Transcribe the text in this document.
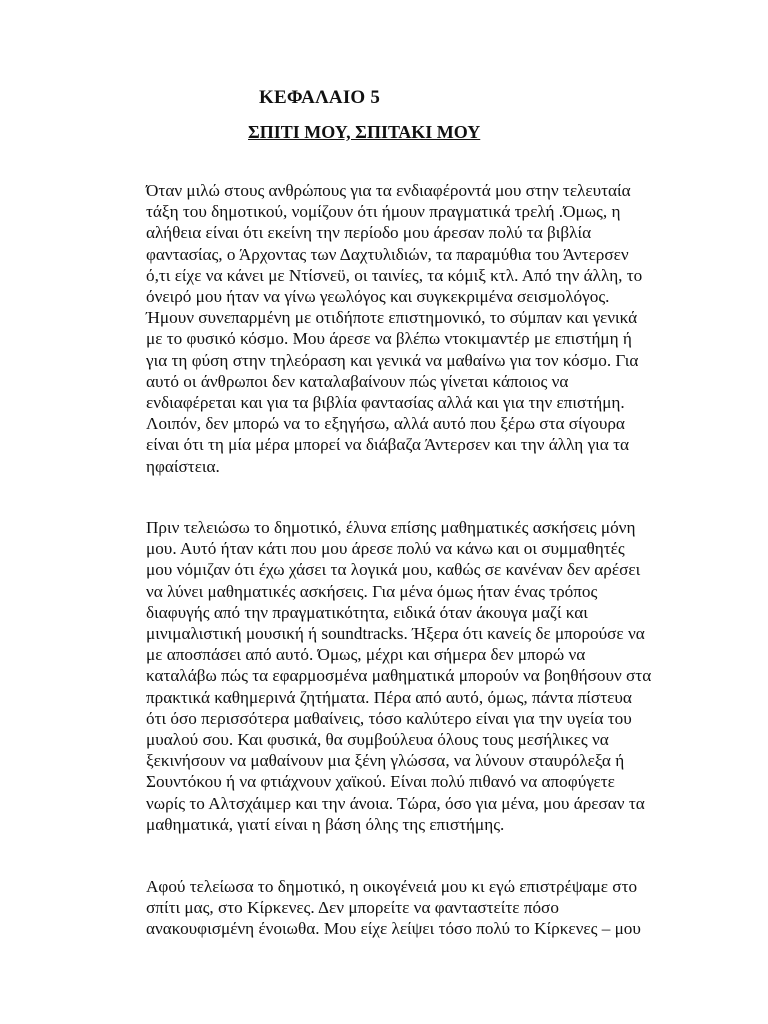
ΚΕΦΑΛΑΙΟ 5
ΣΠΙΤΙ ΜΟΥ, ΣΠΙΤΑΚΙ ΜΟΥ

Όταν μιλώ στους ανθρώπους για τα ενδιαφέροντά μου στην τελευταία
τάξη του δημοτικού, νομίζουν ότι ήμουν πραγματικά τρελή .Όμως, η
αλήθεια είναι ότι εκείνη την περίοδο μου άρεσαν πολύ τα βιβλία
φαντασίας, ο Άρχοντας των Δαχτυλιδιών, τα παραμύθια του Άντερσεν
ό,τι είχε να κάνει με Ντίσνεϋ, οι ταινίες, τα κόμιξ κτλ. Από την άλλη, το
όνειρό μου ήταν να γίνω γεωλόγος και συγκεκριμένα σεισμολόγος.
Ήμουν συνεπαρμένη με οτιδήποτε επιστημονικό, το σύμπαν και γενικά
με το φυσικό κόσμο. Μου άρεσε να βλέπω ντοκιμαντέρ με επιστήμη ή
για τη φύση στην τηλεόραση και γενικά να μαθαίνω για τον κόσμο. Για
αυτό οι άνθρωποι δεν καταλαβαίνουν πώς γίνεται κάποιος να
ενδιαφέρεται και για τα βιβλία φαντασίας αλλά και για την επιστήμη.
Λοιπόν, δεν μπορώ να το εξηγήσω, αλλά αυτό που ξέρω στα σίγουρα
είναι ότι τη μία μέρα μπορεί να διάβαζα Άντερσεν και την άλλη για τα
ηφαίστεια.

Πριν τελειώσω το δημοτικό, έλυνα επίσης μαθηματικές ασκήσεις μόνη
μου. Αυτό ήταν κάτι που μου άρεσε πολύ να κάνω και οι συμμαθητές
μου νόμιζαν ότι έχω χάσει τα λογικά μου, καθώς σε κανέναν δεν αρέσει
να λύνει μαθηματικές ασκήσεις. Για μένα όμως ήταν ένας τρόπος
διαφυγής από την πραγματικότητα, ειδικά όταν άκουγα μαζί και
μινιμαλιστική μουσική ή soundtracks. Ήξερα ότι κανείς δε μπορούσε να
με αποσπάσει από αυτό. Όμως, μέχρι και σήμερα δεν μπορώ να
καταλάβω πώς τα εφαρμοσμένα μαθηματικά μπορούν να βοηθήσουν στα
πρακτικά καθημερινά ζητήματα. Πέρα από αυτό, όμως, πάντα πίστευα
ότι όσο περισσότερα μαθαίνεις, τόσο καλύτερο είναι για την υγεία του
μυαλού σου. Και φυσικά, θα συμβούλευα όλους τους μεσήλικες να
ξεκινήσουν να μαθαίνουν μια ξένη γλώσσα, να λύνουν σταυρόλεξα ή
Σουντόκου ή να φτιάχνουν χαϊκού. Είναι πολύ πιθανό να αποφύγετε
νωρίς το Αλτσχάιμερ και την άνοια. Τώρα, όσο για μένα, μου άρεσαν τα
μαθηματικά, γιατί είναι η βάση όλης της επιστήμης.

Αφού τελείωσα το δημοτικό, η οικογένειά μου κι εγώ επιστρέψαμε στο
σπίτι μας, στο Κίρκενες. Δεν μπορείτε να φανταστείτε πόσο
ανακουφισμένη ένοιωθα. Μου είχε λείψει τόσο πολύ το Κίρκενες – μου
